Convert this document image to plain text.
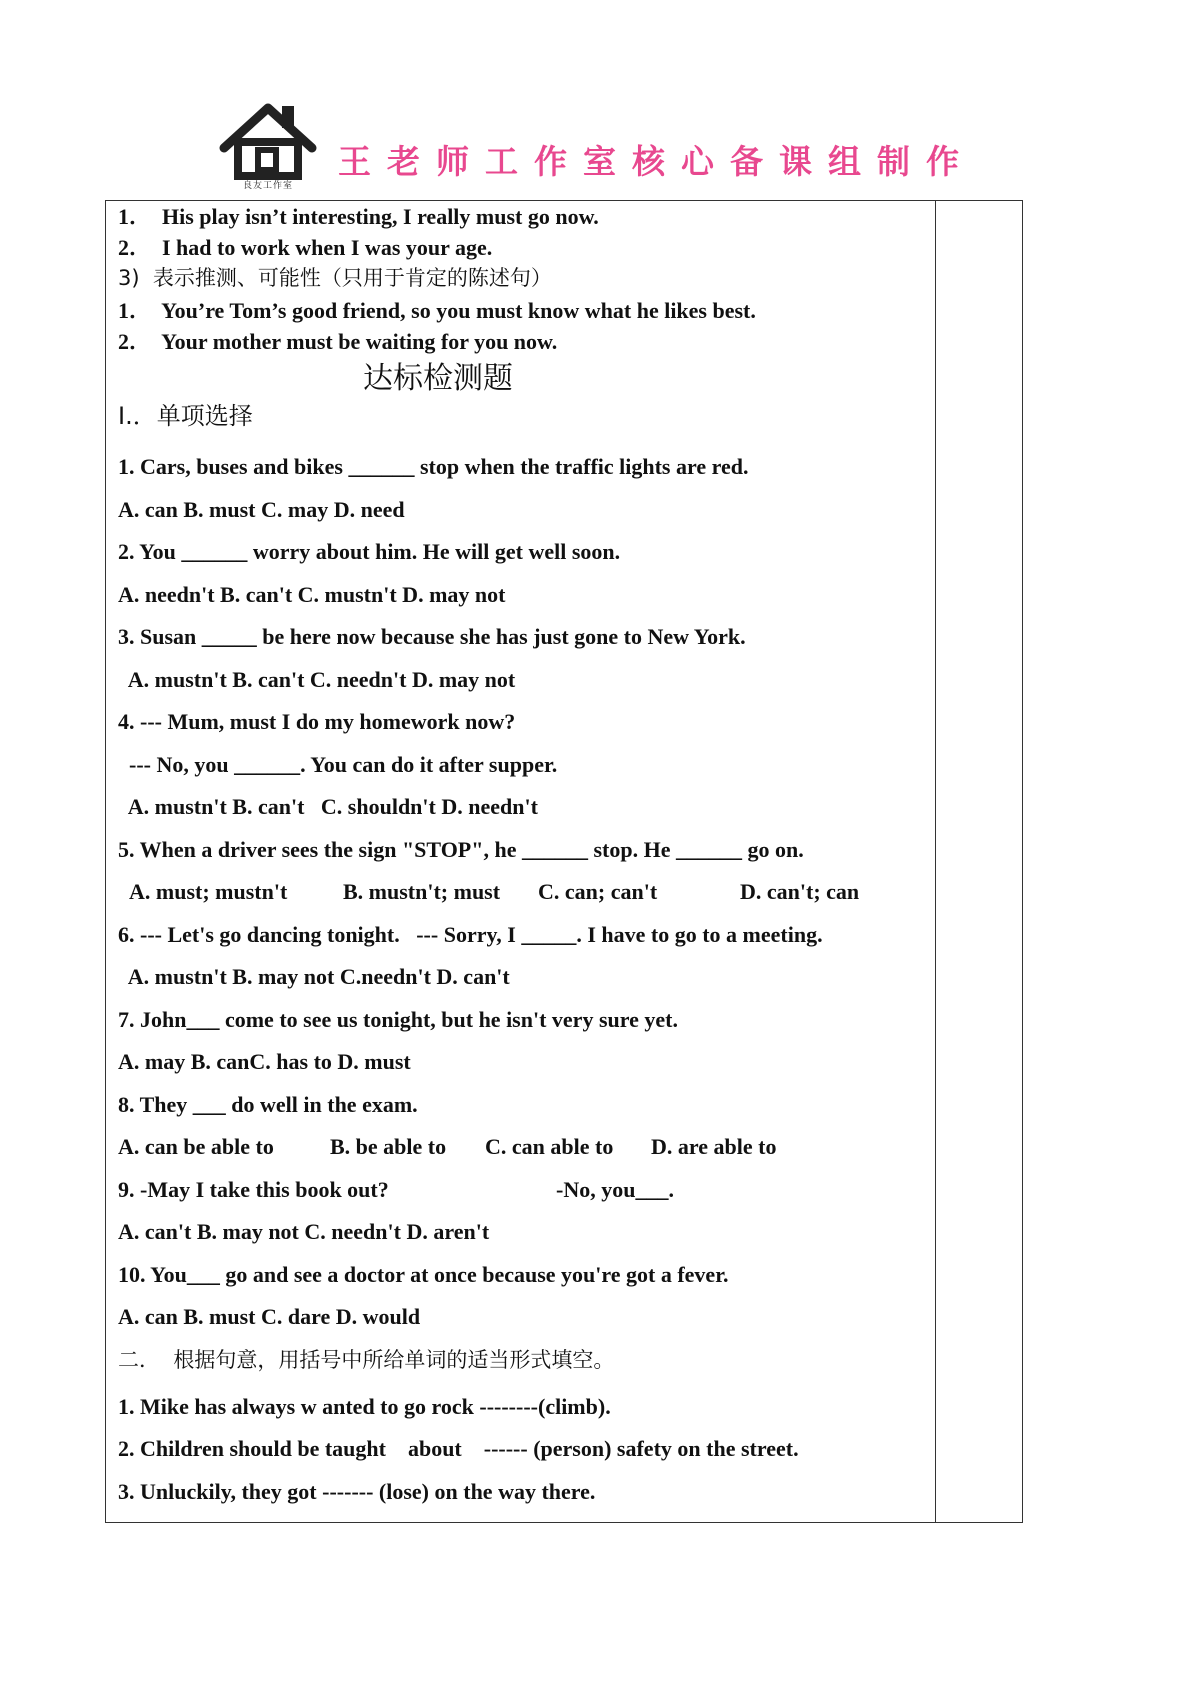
良友工作室
王老师工作室核心备课组制作
1．  His play isn’t interesting, I really must go now.
2．  I had to work when I was your age.
3)  表示推测、可能性（只用于肯定的陈述句）
1．  You’re Tom’s good friend, so you must know what he likes best.
2．  Your mother must be waiting for you now.
达标检测题
I.．单项选择
1. Cars, buses and bikes ______ stop when the traffic lights are red.
A. can B. must C. may D. need
2. You ______ worry about him. He will get well soon.
A. needn't B. can't C. mustn't D. may not
3. Susan _____ be here now because she has just gone to New York.
A. mustn't B. can't C. needn't D. may not
4. --- Mum, must I do my homework now?
--- No, you ______. You can do it after supper.
A. mustn't B. can't   C. shouldn't D. needn't
5. When a driver sees the sign "STOP", he ______ stop. He ______ go on.

A. must; mustn't

	B. mustn't; must

C. can; can't

	D. can't; can

6. --- Let's go dancing tonight.   --- Sorry, I _____. I have to go to a meeting.
A. mustn't B. may not C.needn't D. can't
7. John___ come to see us tonight, but he isn't very sure yet.
A. may B. canC. has to D. must
8. They ___ do well in the exam.

A. can be able to

	B. be able to

C. can able to

D. are able to

9. -May I take this book out?

	-No, you___.

A. can't B. may not C. needn't D. aren't
10. You___ go and see a doctor at once because you're got a fever.
A. can B. must C. dare D. would
二．  根据句意，用括号中所给单词的适当形式填空。
1. Mike has always w anted to go rock --------(climb).
2. Children should be taught    about    ------ (person) safety on the street.
3. Unluckily, they got ------- (lose) on the way there.
